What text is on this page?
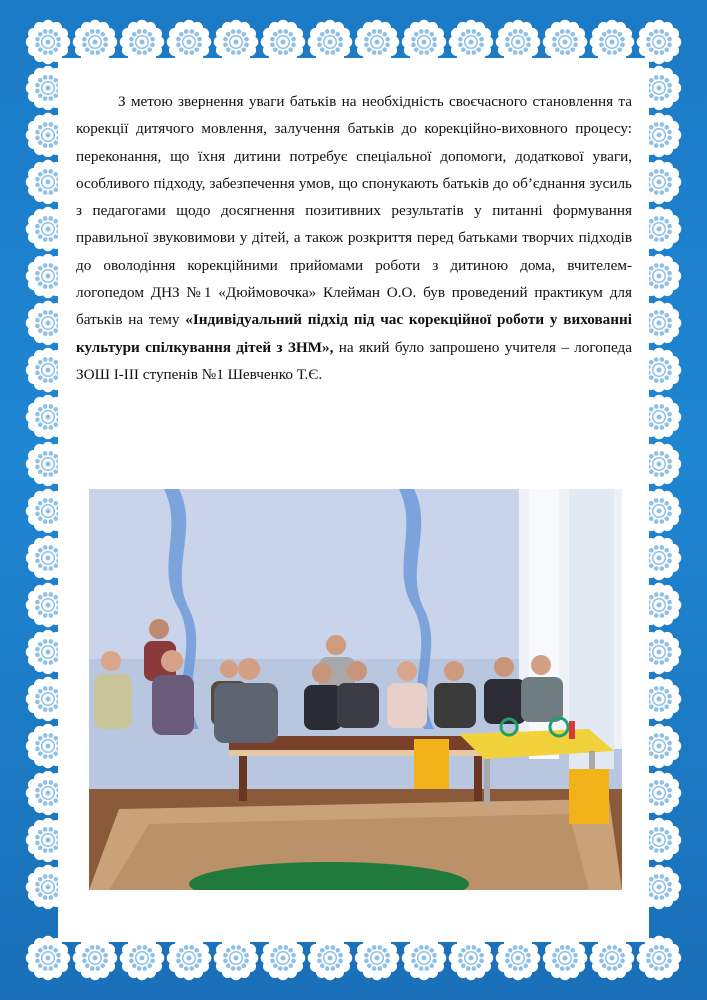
З метою звернення уваги батьків на необхідність своєчасного становлення та корекції дитячого мовлення, залучення батьків до корекційно-виховного процесу: переконання, що їхня дитини потребує спеціальної допомоги, додаткової уваги, особливого підходу, забезпечення умов, що спонукають батьків до об’єднання зусиль з педагогами щодо досягнення позитивних результатів у питанні формування правильної звуковимови у дітей, а також розкриття перед батьками творчих підходів до оволодіння корекційними прийомами роботи з дитиною дома, вчителем-логопедом ДНЗ №1 «Дюймовочка» Клейман О.О. був проведений практикум для батьків на тему «Індивідуальний підхід під час корекційної роботи у вихованні культури спілкування дітей з ЗНМ», на який було запрошено учителя – логопеда ЗОШ І-ІІІ ступенів №1 Шевченко Т.Є.
